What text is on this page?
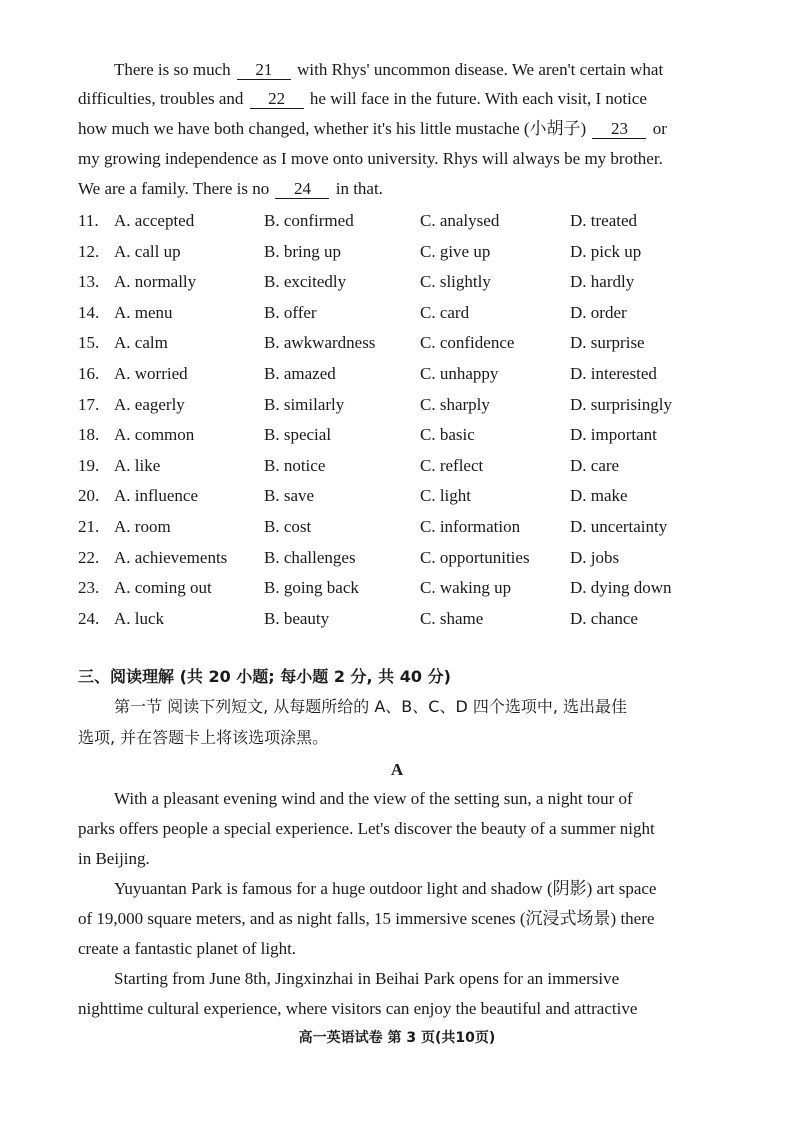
There is so much 21 with Rhys' uncommon disease. We aren't certain what
difficulties, troubles and 22 he will face in the future. With each visit, I notice
how much we have both changed, whether it's his little mustache (小胡子) 23 or
my growing independence as I move onto university. Rhys will always be my brother.
We are a family. There is no 24 in that.
11. A. accepted	B. confirmed	C. analysed	D. treated
12. A. call up	B. bring up	C. give up	D. pick up
13. A. normally	B. excitedly	C. slightly	D. hardly
14. A. menu	B. offer	C. card	D. order
15. A. calm	B. awkwardness	C. confidence	D. surprise
16. A. worried	B. amazed	C. unhappy	D. interested
17. A. eagerly	B. similarly	C. sharply	D. surprisingly
18. A. common	B. special	C. basic	D. important
19. A. like	B. notice	C. reflect	D. care
20. A. influence	B. save	C. light	D. make
21. A. room	B. cost	C. information	D. uncertainty
22. A. achievements B. challenges	C. opportunities D. jobs
23. A. coming out	B. going back	C. waking up	D. dying down
24. A. luck	B. beauty	C. shame	D. chance
三、阅读理解 (共 20 小题; 每小题 2 分, 共 40 分)
第一节 阅读下列短文, 从每题所给的 A、B、C、D 四个选项中, 选出最佳
选项, 并在答题卡上将该选项涂黑。
A
With a pleasant evening wind and the view of the setting sun, a night tour of
parks offers people a special experience. Let's discover the beauty of a summer night
in Beijing.
Yuyuantan Park is famous for a huge outdoor light and shadow (阴影) art space
of 19,000 square meters, and as night falls, 15 immersive scenes (沉浸式场景) there
create a fantastic planet of light.
Starting from June 8th, Jingxinzhai in Beihai Park opens for an immersive
nighttime cultural experience, where visitors can enjoy the beautiful and attractive
高一英语试卷 第 3 页(共10页)
